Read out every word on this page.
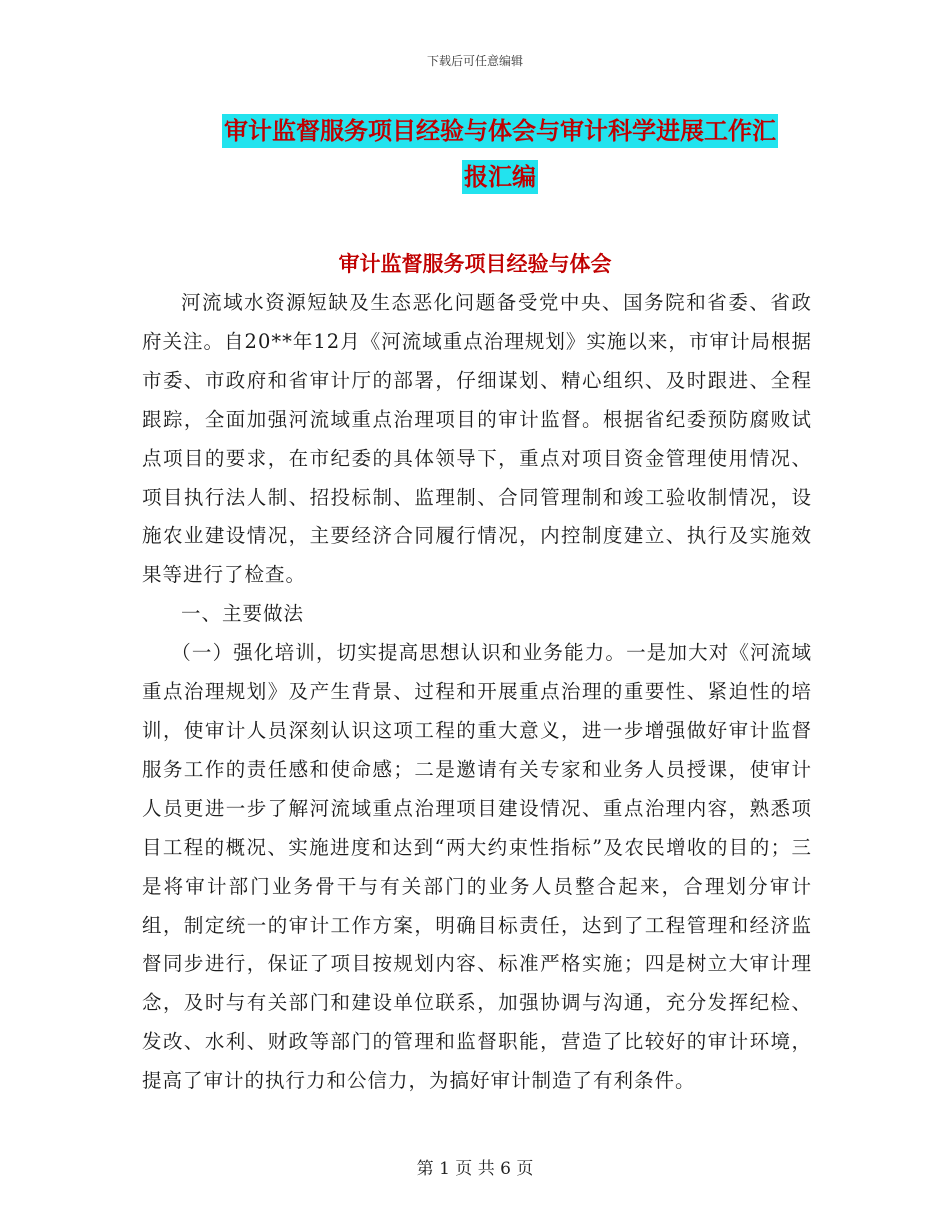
下载后可任意编辑
审计监督服务项目经验与体会与审计科学进展工作汇
报汇编
审计监督服务项目经验与体会

河流域水资源短缺及生态恶化问题备受党中央、国务院和省委、省政府关注。自20**年12月《河流域重点治理规划》实施以来，市审计局根据市委、市政府和省审计厅的部署，仔细谋划、精心组织、及时跟进、全程跟踪，全面加强河流域重点治理项目的审计监督。根据省纪委预防腐败试点项目的要求，在市纪委的具体领导下，重点对项目资金管理使用情况、项目执行法人制、招投标制、监理制、合同管理制和竣工验收制情况，设施农业建设情况，主要经济合同履行情况，内控制度建立、执行及实施效果等进行了检查。

一、主要做法

（一）强化培训，切实提高思想认识和业务能力。一是加大对《河流域重点治理规划》及产生背景、过程和开展重点治理的重要性、紧迫性的培训，使审计人员深刻认识这项工程的重大意义，进一步增强做好审计监督服务工作的责任感和使命感；二是邀请有关专家和业务人员授课，使审计人员更进一步了解河流域重点治理项目建设情况、重点治理内容，熟悉项目工程的概况、实施进度和达到“两大约束性指标”及农民增收的目的；三是将审计部门业务骨干与有关部门的业务人员整合起来，合理划分审计组，制定统一的审计工作方案，明确目标责任，达到了工程管理和经济监督同步进行，保证了项目按规划内容、标准严格实施；四是树立大审计理念，及时与有关部门和建设单位联系，加强协调与沟通，充分发挥纪检、发改、水利、财政等部门的管理和监督职能，营造了比较好的审计环境，提高了审计的执行力和公信力，为搞好审计制造了有利条件。

第 1 页 共 6 页
